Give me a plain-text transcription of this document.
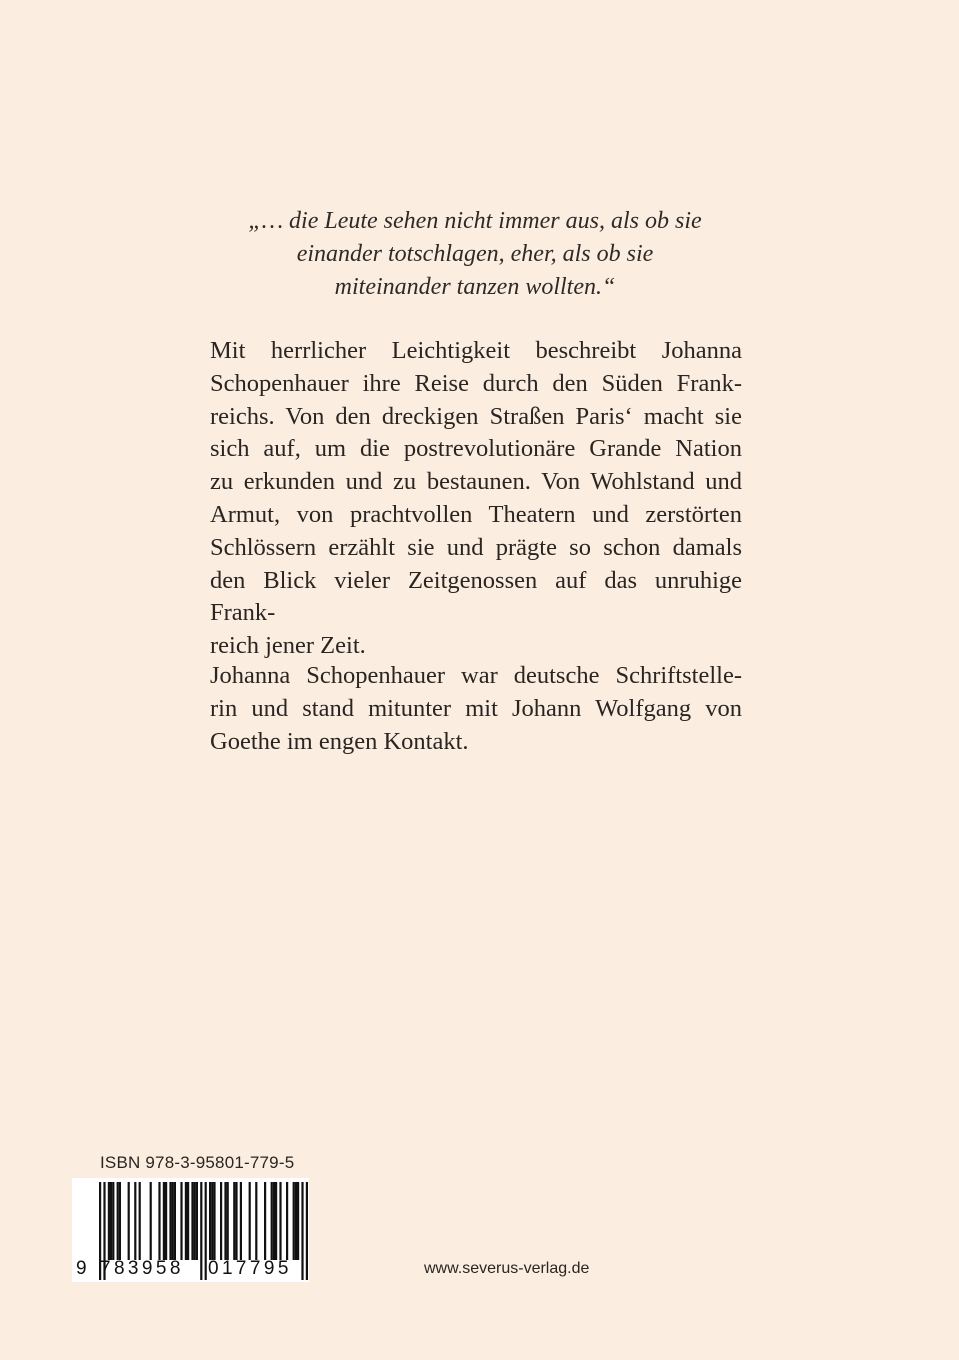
„… die Leute sehen nicht immer aus, als ob sie
einander totschlagen, eher, als ob sie
miteinander tanzen wollten.“
Mit herrlicher Leichtigkeit beschreibt Johanna
Schopenhauer ihre Reise durch den Süden Frank-
reichs. Von den dreckigen Straßen Paris‘ macht sie
sich auf, um die postrevolutionäre Grande Nation
zu erkunden und zu bestaunen. Von Wohlstand und
Armut, von prachtvollen Theatern und zerstörten
Schlössern erzählt sie und prägte so schon damals
den Blick vieler Zeitgenossen auf das unruhige Frank-
reich jener Zeit.
Johanna Schopenhauer war deutsche Schriftstelle-
rin und stand mitunter mit Johann Wolfgang von
Goethe im engen Kontakt.
ISBN 978-3-95801-779-5
9 783958 017795	www.severus-verlag.de
